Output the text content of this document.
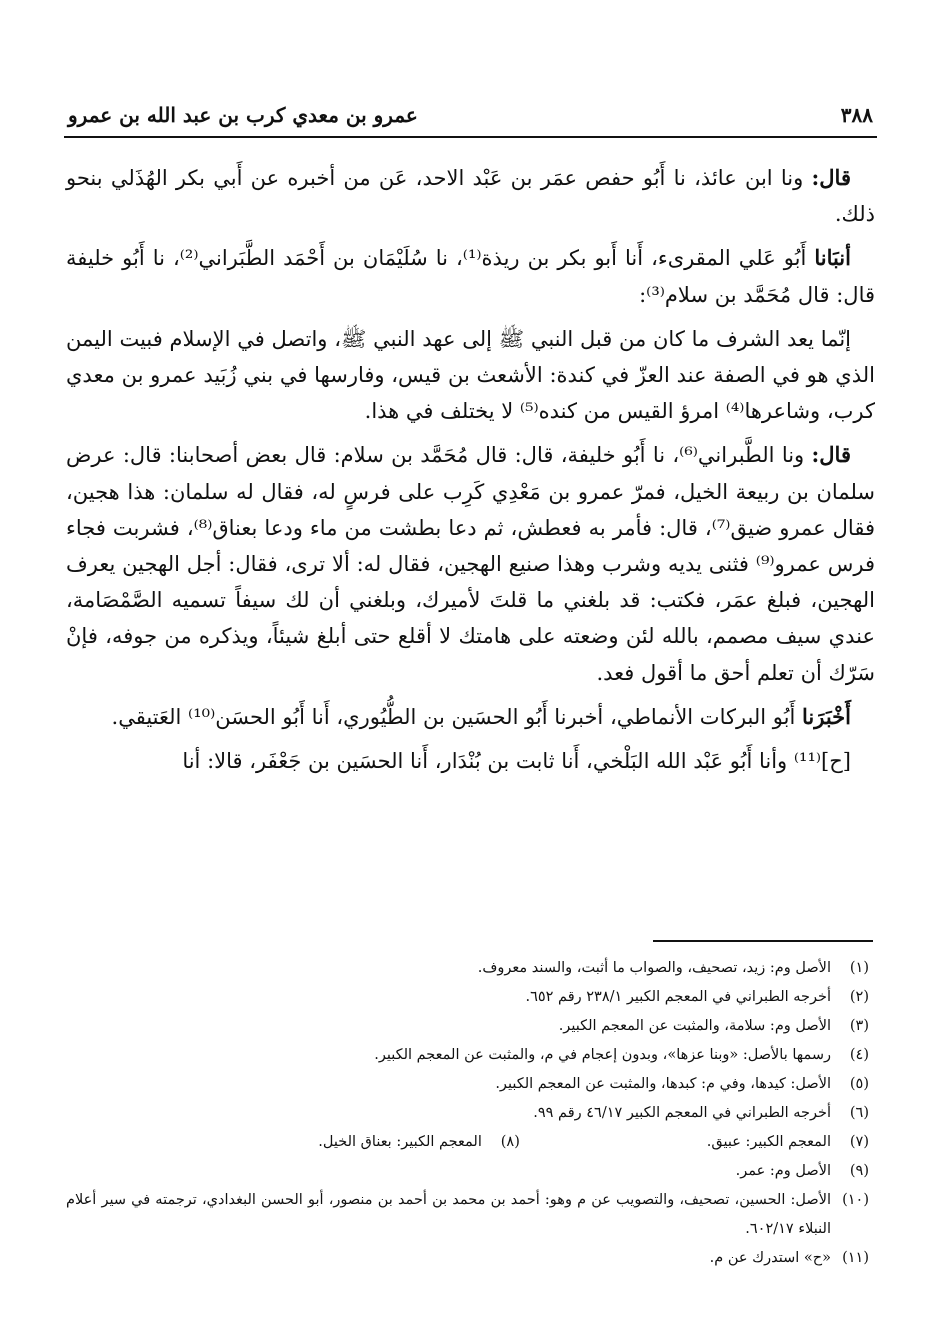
٣٨٨
عمرو بن معدي كرب بن عبد الله بن عمرو

قال: ونا ابن عائذ، نا أَبُو حفص عمَر بن عَبْد الاحد، عَن من أخبره عن أَبي بكر الهُذَلي بنحو ذلك.

أنبَانا أَبُو عَلي المقرىء، أَنا أَبو بكر بن ريذة⁽¹⁾، نا سُلَيْمَان بن أَحْمَد الطَّبَراني⁽²⁾، نا أَبُو خليفة قال: قال مُحَمَّد بن سلام⁽³⁾:

إنّما يعد الشرف ما كان من قبل النبي ﷺ إلى عهد النبي ﷺ، واتصل في الإسلام فبيت اليمن الذي هو في الصفة عند العزّ في كندة: الأشعث بن قيس، وفارسها في بني زُبَيد عمرو بن معدي كرب، وشاعرها⁽⁴⁾ امرؤ القيس من كنده⁽⁵⁾ لا يختلف في هذا.

قال: ونا الطَّبراني⁽⁶⁾، نا أَبُو خليفة، قال: قال مُحَمَّد بن سلام: قال بعض أصحابنا: قال: عرض سلمان بن ربيعة الخيل، فمرّ عمرو بن مَعْدِي كَرِب على فرسٍ له، فقال له سلمان: هذا هجين، فقال عمرو ضيق⁽⁷⁾، قال: فأمر به فعطش، ثم دعا بطشت من ماء ودعا بعناق⁽⁸⁾، فشربت فجاء فرس عمرو⁽⁹⁾ فثنى يديه وشرب وهذا صنيع الهجين، فقال له: ألا ترى، فقال: أجل الهجين يعرف الهجين، فبلغ عمَر، فكتب: قد بلغني ما قلتَ لأميرك، وبلغني أن لك سيفاً تسميه الصَّمْصَامة، عندي سيف مصمم، بالله لئن وضعته على هامتك لا أقلع حتى أبلغ شيئاً، ويذكره من جوفه، فإنْ سَرّك أن تعلم أحق ما أقول فعد.

أَخْبَرَنا أَبُو البركات الأنماطي، أخبرنا أَبُو الحسَين بن الطُّيُوري، أَنا أَبُو الحسَن⁽¹⁰⁾ العَتيقي.

[ح]⁽¹¹⁾ وأنا أَبُو عَبْد الله البَلْخي، أَنا ثابت بن بُنْدَار، أَنا الحسَين بن جَعْفَر، قالا: أنا

(١)
الأصل وم: زيد، تصحيف، والصواب ما أثبت، والسند معروف.
(٢)
أخرجه الطبراني في المعجم الكبير ٢٣٨/١ رقم ٦٥٢.
(٣)
الأصل وم: سلامة، والمثبت عن المعجم الكبير.
(٤)
رسمها بالأصل: «وبنا عزها»، وبدون إعجام في م، والمثبت عن المعجم الكبير.
(٥)
الأصل: كيدها، وفي م: كبدها، والمثبت عن المعجم الكبير.
(٦)
أخرجه الطبراني في المعجم الكبير ٤٦/١٧ رقم ٩٩.
(٧)
المعجم الكبير: عبيق.
(٨)
المعجم الكبير: بعناق الخيل.
(٩)
الأصل وم: عمر.
(١٠)
الأصل: الحسين، تصحيف، والتصويب عن م وهو: أحمد بن محمد بن أحمد بن منصور، أبو الحسن البغدادي، ترجمته في سير أعلام النبلاء ٦٠٢/١٧.
(١١)
«ح» استدرك عن م.
